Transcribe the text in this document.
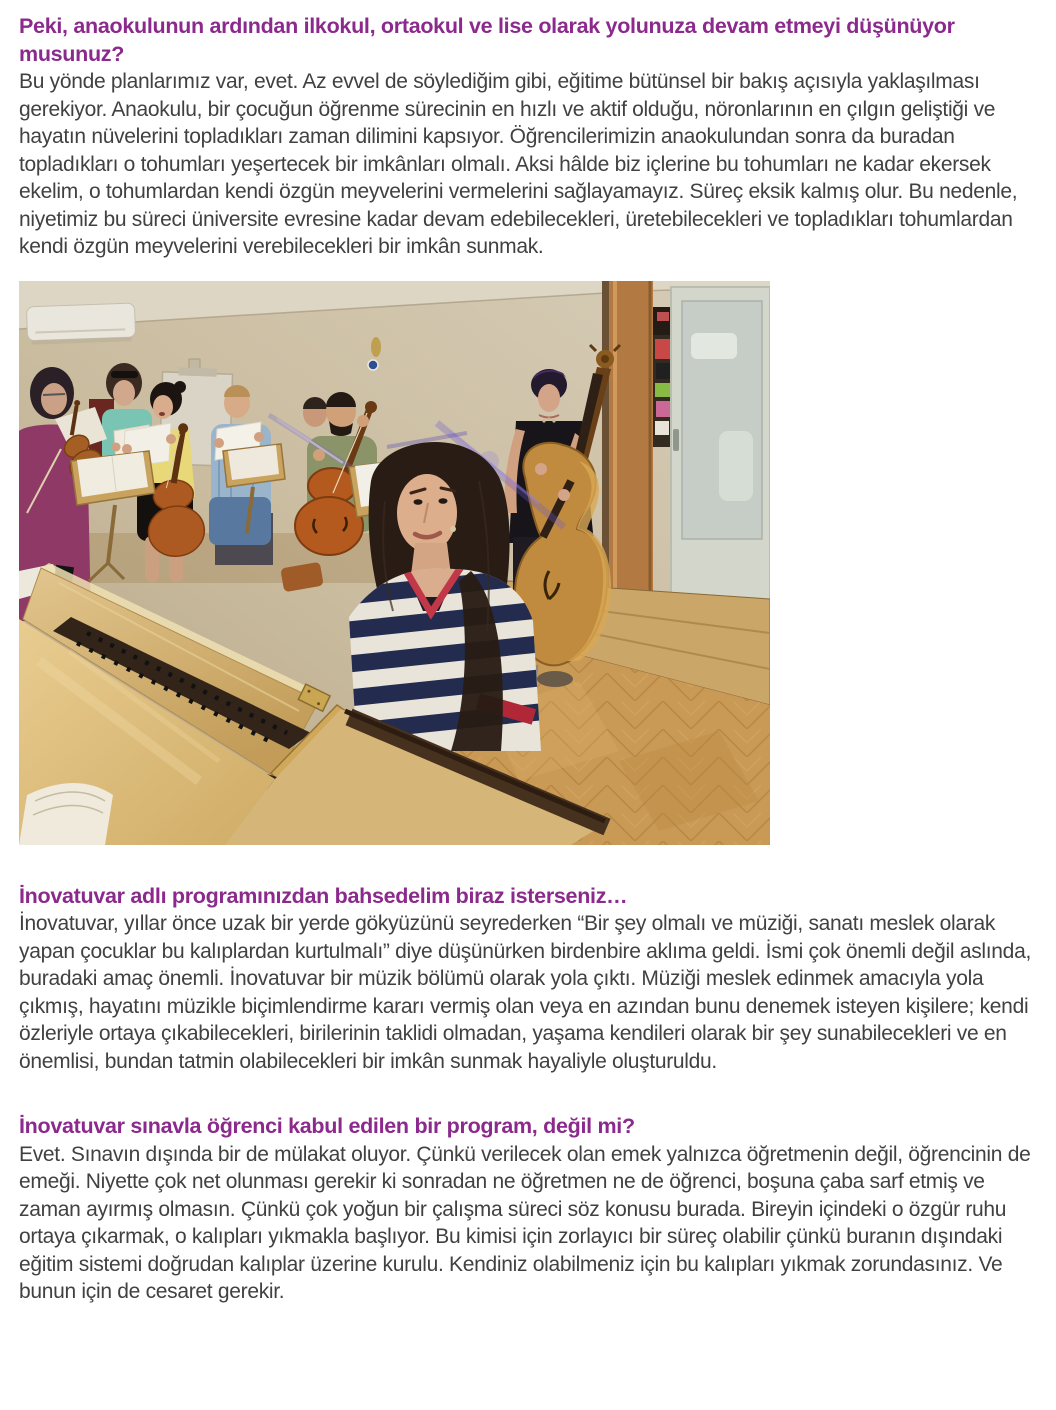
Peki, anaokulunun ardından ilkokul, ortaokul ve lise olarak yolunuza devam etmeyi düşünüyor musunuz?

Bu yönde planlarımız var, evet. Az evvel de söylediğim gibi, eğitime bütünsel bir bakış açısıyla yaklaşılması gerekiyor. Anaokulu, bir çocuğun öğrenme sürecinin en hızlı ve aktif olduğu, nöronlarının en çılgın geliştiği ve hayatın nüvelerini topladıkları zaman dilimini kapsıyor. Öğrencilerimizin anaokulundan sonra da buradan topladıkları o tohumları yeşertecek bir imkânları olmalı. Aksi hâlde biz içlerine bu tohumları ne kadar ekersek ekelim, o tohumlardan kendi özgün meyvelerini vermelerini sağlayamayız. Süreç eksik kalmış olur. Bu nedenle, niyetimiz bu süreci üniversite evresine kadar devam edebilecekleri, üretebilecekleri ve topladıkları tohumlardan kendi özgün meyvelerini verebilecekleri bir imkân sunmak.

İnovatuvar adlı programınızdan bahsedelim biraz isterseniz…

İnovatuvar, yıllar önce uzak bir yerde gökyüzünü seyrederken “Bir şey olmalı ve müziği, sanatı meslek olarak yapan çocuklar bu kalıplardan kurtulmalı” diye düşünürken birdenbire aklıma geldi. İsmi çok önemli değil aslında, buradaki amaç önemli. İnovatuvar bir müzik bölümü olarak yola çıktı. Müziği meslek edinmek amacıyla yola çıkmış, hayatını müzikle biçimlendirme kararı vermiş olan veya en azından bunu denemek isteyen kişilere; kendi özleriyle ortaya çıkabilecekleri, birilerinin taklidi olmadan, yaşama kendileri olarak bir şey sunabilecekleri ve en önemlisi, bundan tatmin olabilecekleri bir imkân sunmak hayaliyle oluşturuldu.

İnovatuvar sınavla öğrenci kabul edilen bir program, değil mi?

Evet. Sınavın dışında bir de mülakat oluyor. Çünkü verilecek olan emek yalnızca öğretmenin değil, öğrencinin de emeği. Niyette çok net olunması gerekir ki sonradan ne öğretmen ne de öğrenci, boşuna çaba sarf etmiş ve zaman ayırmış olmasın. Çünkü çok yoğun bir çalışma süreci söz konusu burada. Bireyin içindeki o özgür ruhu ortaya çıkarmak, o kalıpları yıkmakla başlıyor. Bu kimisi için zorlayıcı bir süreç olabilir çünkü buranın dışındaki eğitim sistemi doğrudan kalıplar üzerine kurulu. Kendiniz olabilmeniz için bu kalıpları yıkmak zorundasınız. Ve bunun için de cesaret gerekir.
